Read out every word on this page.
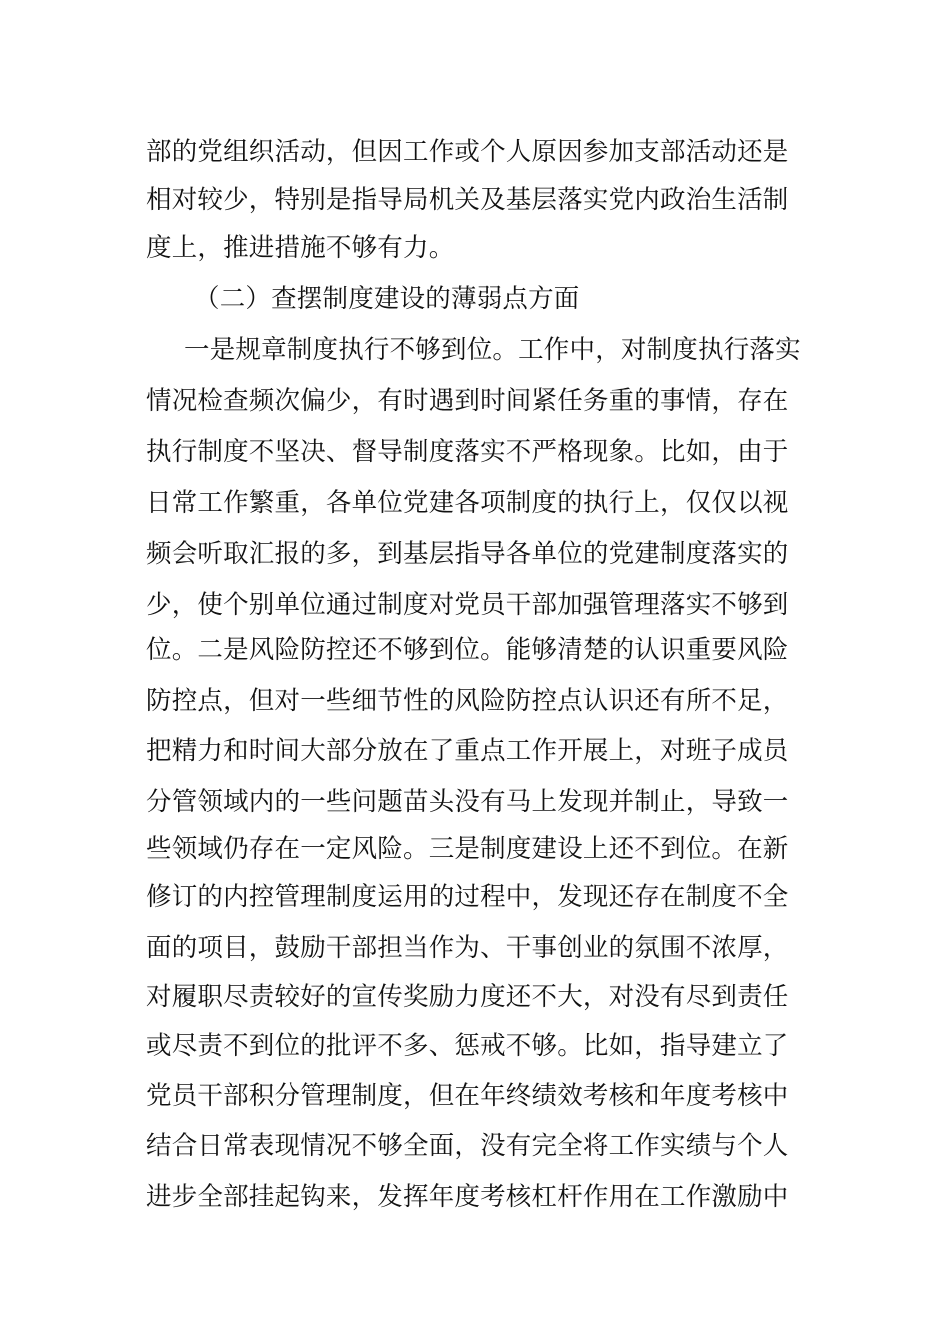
部的党组织活动，但因工作或个人原因参加支部活动还是
相对较少，特别是指导局机关及基层落实党内政治生活制
度上，推进措施不够有力。
（二）查摆制度建设的薄弱点方面
一是规章制度执行不够到位。工作中，对制度执行落实
情况检查频次偏少，有时遇到时间紧任务重的事情，存在
执行制度不坚决、督导制度落实不严格现象。比如，由于
日常工作繁重，各单位党建各项制度的执行上，仅仅以视
频会听取汇报的多，到基层指导各单位的党建制度落实的
少，使个别单位通过制度对党员干部加强管理落实不够到
位。二是风险防控还不够到位。能够清楚的认识重要风险
防控点，但对一些细节性的风险防控点认识还有所不足，
把精力和时间大部分放在了重点工作开展上，对班子成员
分管领域内的一些问题苗头没有马上发现并制止，导致一
些领域仍存在一定风险。三是制度建设上还不到位。在新
修订的内控管理制度运用的过程中，发现还存在制度不全
面的项目，鼓励干部担当作为、干事创业的氛围不浓厚，
对履职尽责较好的宣传奖励力度还不大，对没有尽到责任
或尽责不到位的批评不多、惩戒不够。比如，指导建立了
党员干部积分管理制度，但在年终绩效考核和年度考核中
结合日常表现情况不够全面，没有完全将工作实绩与个人
进步全部挂起钩来，发挥年度考核杠杆作用在工作激励中
